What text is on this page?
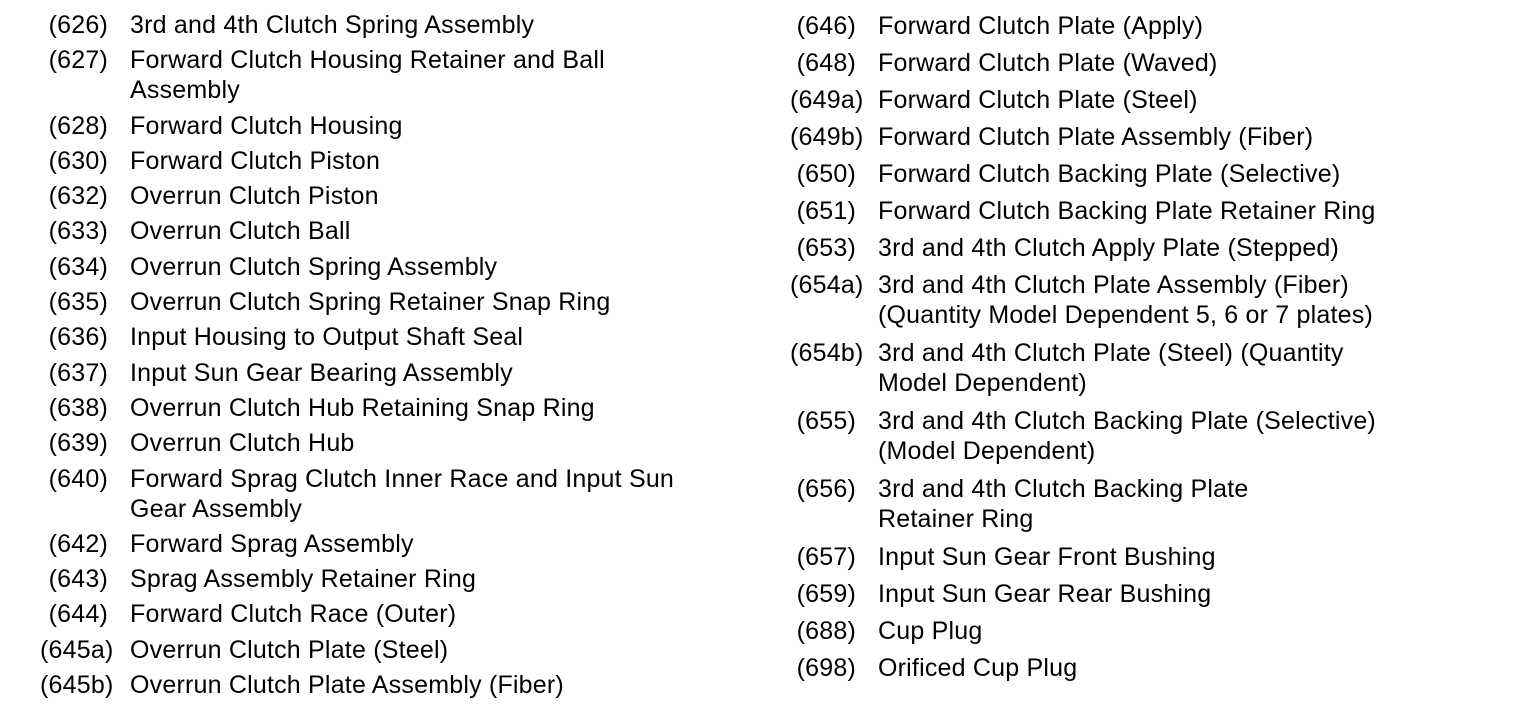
(626) 3rd and 4th Clutch Spring Assembly
(627) Forward Clutch Housing Retainer and Ball Assembly
(628) Forward Clutch Housing
(630) Forward Clutch Piston
(632) Overrun Clutch Piston
(633) Overrun Clutch Ball
(634) Overrun Clutch Spring Assembly
(635) Overrun Clutch Spring Retainer Snap Ring
(636) Input Housing to Output Shaft Seal
(637) Input Sun Gear Bearing Assembly
(638) Overrun Clutch Hub Retaining Snap Ring
(639) Overrun Clutch Hub
(640) Forward Sprag Clutch Inner Race and Input Sun Gear Assembly
(642) Forward Sprag Assembly
(643) Sprag Assembly Retainer Ring
(644) Forward Clutch Race (Outer)
(645a) Overrun Clutch Plate (Steel)
(645b) Overrun Clutch Plate Assembly (Fiber)
(646) Forward Clutch Plate (Apply)
(648) Forward Clutch Plate (Waved)
(649a) Forward Clutch Plate (Steel)
(649b) Forward Clutch Plate Assembly (Fiber)
(650) Forward Clutch Backing Plate (Selective)
(651) Forward Clutch Backing Plate Retainer Ring
(653) 3rd and 4th Clutch Apply Plate (Stepped)
(654a) 3rd and 4th Clutch Plate Assembly (Fiber) (Quantity Model Dependent 5, 6 or 7 plates)
(654b) 3rd and 4th Clutch Plate (Steel) (Quantity Model Dependent)
(655) 3rd and 4th Clutch Backing Plate (Selective) (Model Dependent)
(656) 3rd and 4th Clutch Backing Plate Retainer Ring
(657) Input Sun Gear Front Bushing
(659) Input Sun Gear Rear Bushing
(688) Cup Plug
(698) Orificed Cup Plug
